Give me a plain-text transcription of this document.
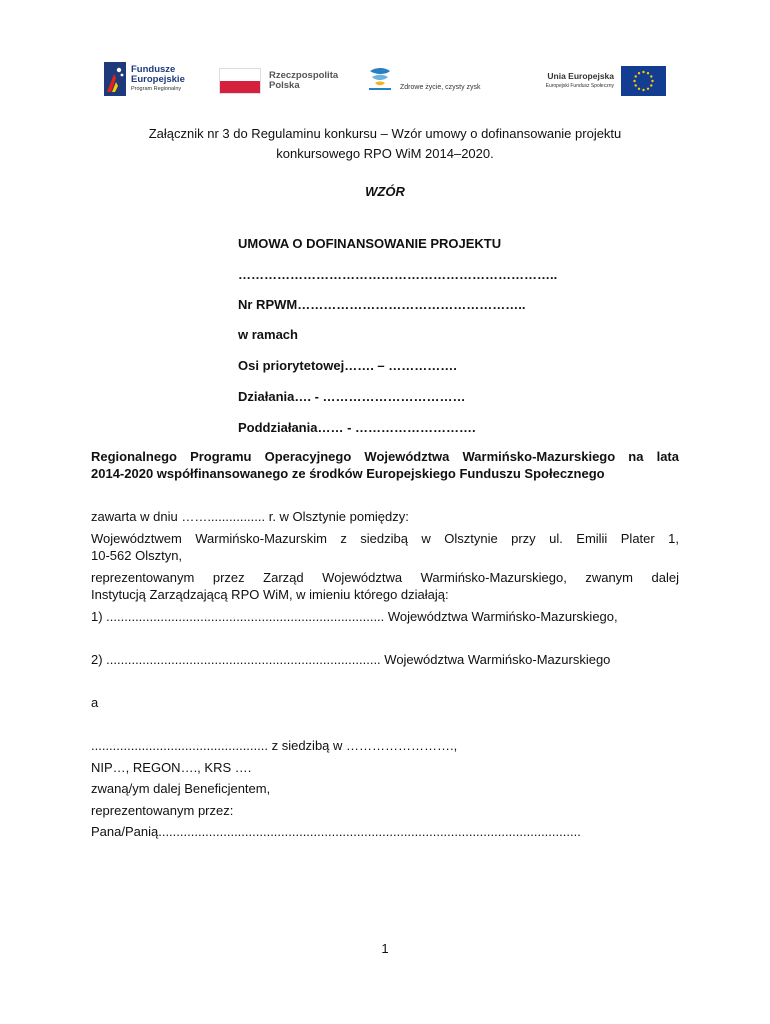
Fundusze Europejskie
Program Regionalny
Rzeczpospolita Polska	Zdrowe życie, czysty zysk
Unia Europejska
Europejski Fundusz Społeczny
Załącznik nr 3 do Regulaminu konkursu – Wzór umowy o dofinansowanie projektu
konkursowego RPO WiM 2014–2020.
WZÓR
UMOWA O DOFINANSOWANIE PROJEKTU
………………………………………………………………..
Nr RPWM……………………………………………..
w ramach
Osi priorytetowej……. – …………….
Działania…. - ……………………………
Poddziałania…… - ……………………….
Regionalnego Programu Operacyjnego Województwa Warmińsko-Mazurskiego na lata
2014-2020 współfinansowanego ze środków Europejskiego Funduszu Społecznego
zawarta w dniu ……................ r. w Olsztynie pomiędzy:
Województwem Warmińsko-Mazurskim z siedzibą w Olsztynie przy ul. Emilii Plater 1,
10-562 Olsztyn,
reprezentowanym przez Zarząd Województwa Warmińsko-Mazurskiego, zwanym dalej
Instytucją Zarządzającą RPO WiM, w imieniu którego działają:
1) ............................................................................. Województwa Warmińsko-Mazurskiego,
2) ............................................................................ Województwa Warmińsko-Mazurskiego
a
................................................. z siedzibą w …………………….,
NIP…, REGON…., KRS ….
zwaną/ym dalej Beneficjentem,
reprezentowanym przez:
Pana/Panią.....................................................................................................................
1
